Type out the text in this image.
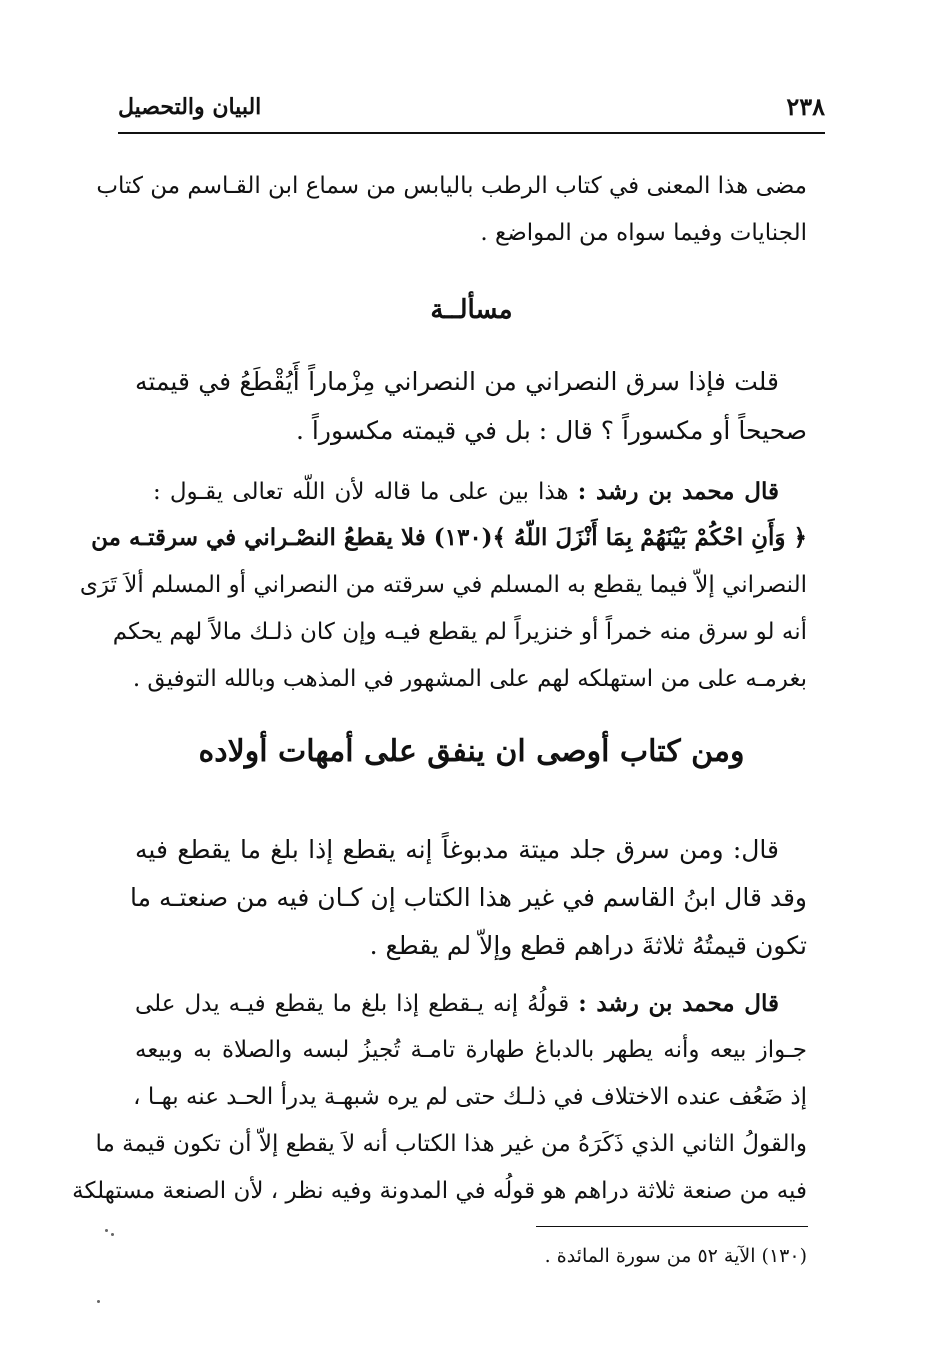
٢٣٨
البيان والتحصيل
مضى هذا المعنى في كتاب الرطب باليابس من سماع ابن القـاسم من كتاب
الجنايات وفيما سواه من المواضع .
مسألــة
قلت فإذا سرق النصراني من النصراني مِزْماراً أَيُقْطَعُ في قيمته
صحيحاً أو مكسوراً ؟ قال : بل في قيمته مكسوراً .
قال محمد بن رشد : هذا بين على ما قاله لأن اللّه تعالى يقـول :
﴿ وَأَنِ احْكُمْ بَيْنَهُمْ بِمَا أَنْزَلَ اللّهُ ﴾(١٣٠) فلا يقطعُ النصْـراني في سرقتـه من
النصراني إلاّ فيما يقطع به المسلم في سرقته من النصراني أو المسلم ألاَ تَرَى
أنه لو سرق منه خمراً أو خنزيراً لم يقطع فيـه وإن كان ذلـك مالاً لهم يحكم
بغرمـه على من استهلكه لهم على المشهور في المذهب وبالله التوفيق .
ومن كتاب أوصى ان ينفق على أمهات أولاده
قال: ومن سرق جلد ميتة مدبوغاً إنه يقطع إذا بلغ ما يقطع فيه
وقد قال ابنُ القاسم في غير هذا الكتاب إن كـان فيه من صنعتـه ما
تكون قيمتُهُ ثلاثةَ دراهم قطع وإلاّ لم يقطع .
قال محمد بن رشد : قولُهُ إنه يـقطع إذا بلغ ما يقطع فيـه يدل على
جـواز بيعه وأنه يطهر بالدباغ طهارة تامـة تُجيزُ لبسه والصلاة به وبيعه
إذ ضَعُف عنده الاختلاف في ذلـك حتى لم يره شبهـة يدرأ الحـد عنه بهـا ،
والقولُ الثاني الذي ذَكَرَهُ من غير هذا الكتاب أنه لاَ يقطع إلاّ أن تكون قيمة ما
فيه من صنعة ثلاثة دراهم هو قولُه في المدونة وفيه نظر ، لأن الصنعة مستهلكة
(١٣٠) الآية ٥٢ من سورة المائدة .
